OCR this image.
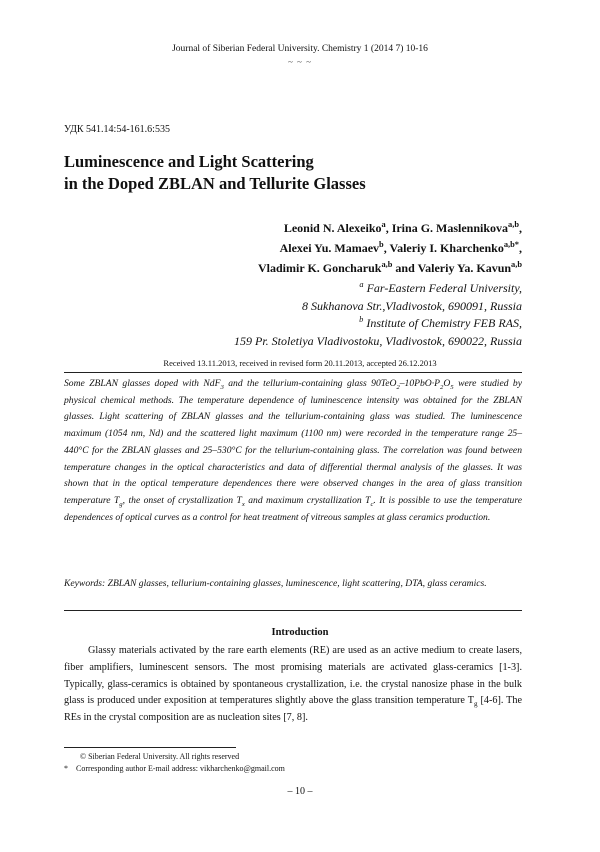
Journal of Siberian Federal University. Chemistry 1 (2014 7) 10-16
~ ~ ~
УДК 541.14:54-161.6:535
Luminescence and Light Scattering
in the Doped ZBLAN and Tellurite Glasses
Leonid N. Alexeiko$^a$, Irina G. Maslennikova$^{a,b}$,
Alexei Yu. Mamaev$^b$, Valeriy I. Kharchenko$^{a,b*}$,
Vladimir K. Goncharuk$^{a,b}$ and Valeriy Ya. Kavun$^{a,b}$
$^a$ Far-Eastern Federal University,
8 Sukhanova Str.,Vladivostok, 690091, Russia
$^b$ Institute of Chemistry FEB RAS,
159 Pr. Stoletiya Vladivostoku, Vladivostok, 690022, Russia
Received 13.11.2013, received in revised form 20.11.2013, accepted 26.12.2013
Some ZBLAN glasses doped with NdF$_3$ and the tellurium-containing glass $90TeO_2-10PbO\cdot P_2O_5$ were studied by physical chemical methods. The temperature dependence of luminescence intensity was obtained for the ZBLAN glasses. Light scattering of ZBLAN glasses and the tellurium-containing glass was studied. The luminescence maximum (1054 nm, Nd) and the scattered light maximum (1100 nm) were recorded in the temperature range 25–440°C for the ZBLAN glasses and 25–530°C for the tellurium-containing glass. The correlation was found between temperature changes in the optical characteristics and data of differential thermal analysis of the glasses. It was shown that in the optical temperature dependences there were observed changes in the area of glass transition temperature $T_g$, the onset of crystallization $T_x$ and maximum crystallization $T_c$. It is possible to use the temperature dependences of optical curves as a control for heat treatment of vitreous samples at glass ceramics production.
Keywords: ZBLAN glasses, tellurium-containing glasses, luminescence, light scattering, DTA, glass ceramics.
Introduction
Glassy materials activated by the rare earth elements (RE) are used as an active medium to create lasers, fiber amplifiers, luminescent sensors. The most promising materials are activated glass-ceramics [1-3]. Typically, glass-ceramics is obtained by spontaneous crystallization, i.e. the crystal nanosize phase in the bulk glass is produced under exposition at temperatures slightly above the glass transition temperature $T_g$ [4-6]. The REs in the crystal composition are as nucleation sites [7, 8].
© Siberian Federal University. All rights reserved
* Corresponding author E-mail address: vikharchenko@gmail.com
– 10 –
